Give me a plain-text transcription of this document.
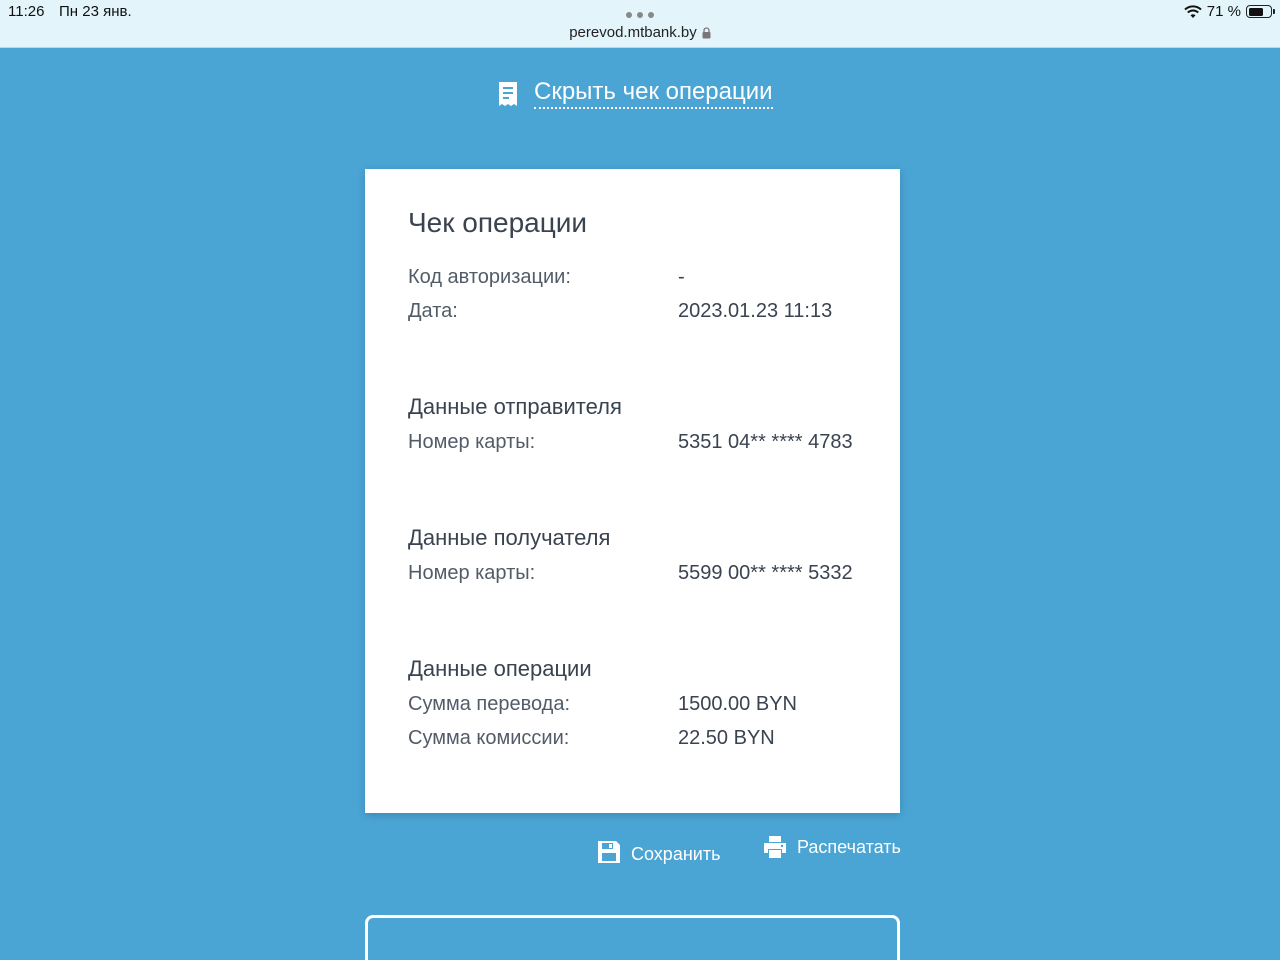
11:26 Пн 23 янв.	71 %
perevod.mtbank.by
Скрыть чек операции
Чек операции
Код авторизации:	-
Дата:	2023.01.23 11:13
Данные отправителя
Номер карты:	5351 04** **** 4783
Данные получателя
Номер карты:	5599 00** **** 5332
Данные операции
Сумма перевода:	1500.00 BYN
Сумма комиссии:	22.50 BYN
Сохранить	Распечатать
